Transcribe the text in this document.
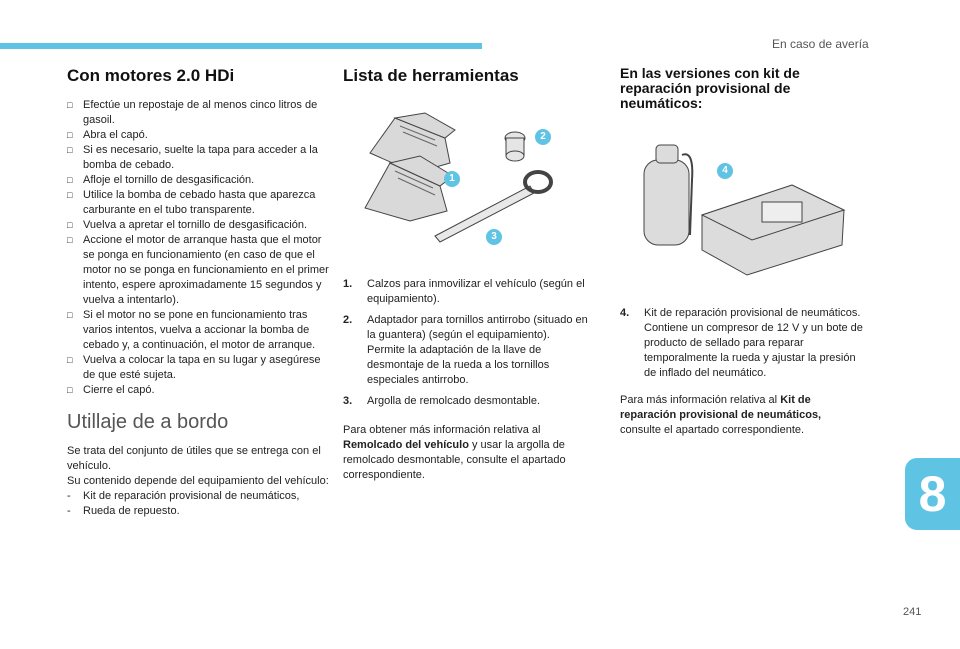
En caso de avería
Con motores 2.0 HDi
□ Efectúe un repostaje de al menos cinco litros de gasoil.
□ Abra el capó.
□ Si es necesario, suelte la tapa para acceder a la bomba de cebado.
□ Afloje el tornillo de desgasificación.
□ Utilice la bomba de cebado hasta que aparezca carburante en el tubo transparente.
□ Vuelva a apretar el tornillo de desgasificación.
□ Accione el motor de arranque hasta que el motor se ponga en funcionamiento (en caso de que el motor no se ponga en funcionamiento en el primer intento, espere aproximadamente 15 segundos y vuelva a intentarlo).
□ Si el motor no se pone en funcionamiento tras varios intentos, vuelva a accionar la bomba de cebado y, a continuación, el motor de arranque.
□ Vuelva a colocar la tapa en su lugar y asegúrese de que esté sujeta.
□ Cierre el capó.
Utillaje de a bordo

Se trata del conjunto de útiles que se entrega con el vehículo.

Su contenido depende del equipamiento del vehículo:

- Kit de reparación provisional de neumáticos,
- Rueda de repuesto.
Lista de herramientas
2
1
3
1. Calzos para inmovilizar el vehículo (según el equipamiento).
2. Adaptador para tornillos antirrobo (situado en la guantera) (según el equipamiento).
Permite la adaptación de la llave de desmontaje de la rueda a los tornillos especiales antirrobo.
3. Argolla de remolcado desmontable.

Para obtener más información relativa al Remolcado del vehículo y usar la argolla de remolcado desmontable, consulte el apartado correspondiente.

En las versiones con kit de reparación provisional de neumáticos:
4
4. Kit de reparación provisional de neumáticos.
Contiene un compresor de 12 V y un bote de producto de sellado para reparar temporalmente la rueda y ajustar la presión de inflado del neumático.

Para más información relativa al Kit de reparación provisional de neumáticos, consulte el apartado correspondiente.

8
241
